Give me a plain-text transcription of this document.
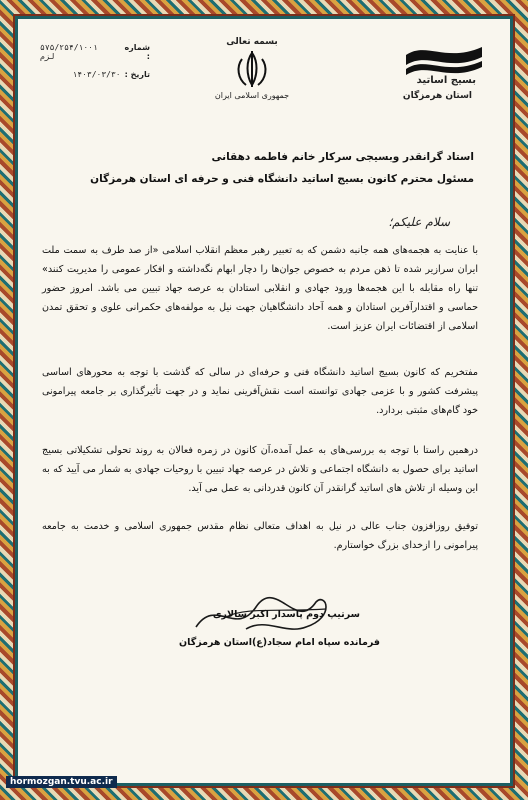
بسیج اساتید
استان هرمزگان
بسمه تعالی
جمهوری اسلامی ایران
شماره :
۵۷۵/۲۵۴/۱۰۰۱ لزم
تاریخ :
۱۴۰۳/۰۳/۳۰
استاد گرانقدر وبسیجی سرکار خانم فاطمه دهقانی
مسئول محترم کانون بسیج اساتید دانشگاه فنی و حرفه ای استان هرمزگان
سلام علیکم؛
با عنایت به هجمه‌های همه جانبه دشمن که به تعبیر رهبر معظم انقلاب اسلامی «از صد طرف به سمت ملت ایران سرازیر شده تا ذهن مردم به خصوص جوان‌ها را دچار ابهام نگه‌داشته و افکار عمومی را مدیریت کنند» تنها راه مقابله با این هجمه‌ها ورود جهادی و انقلابی استادان به عرصه جهاد تبیین می باشد. امروز حضور حماسی و اقتدارآفرین استادان و همه آحاد دانشگاهیان جهت نیل به مولفه‌های حکمرانی علوی و تحقق تمدن اسلامی از اقتضائات ایران عزیز است.
مفتخریم که کانون بسیج اساتید دانشگاه فنی و حرفه‌ای در سالی که گذشت با توجه به محورهای اساسی پیشرفت کشور و با عزمی جهادی توانسته است نقش‌آفرینی نماید و در جهت تأثیرگذاری بر جامعه پیرامونی خود گام‌های مثبتی بردارد.
درهمین راستا با توجه به بررسی‌های به عمل آمده،آن کانون در زمره فعالان به روند تحولی تشکیلاتی بسیج اساتید برای حصول به دانشگاه اجتماعی و تلاش در عرصه جهاد تبیین با روحیات جهادی به شمار می آیید که به این وسیله از تلاش های اساتید گرانقدر آن کانون قدردانی به عمل می آید.
توفیق روزافزون جناب عالی در نیل به اهداف متعالی نظام مقدس جمهوری اسلامی و خدمت به جامعه پیرامونی را ازخدای بزرگ خواستارم.
سرتیپ دوم پاسدار اکبر سالاری
فرمانده سپاه امام سجاد(ع)استان هرمزگان
hormozgan.tvu.ac.ir
